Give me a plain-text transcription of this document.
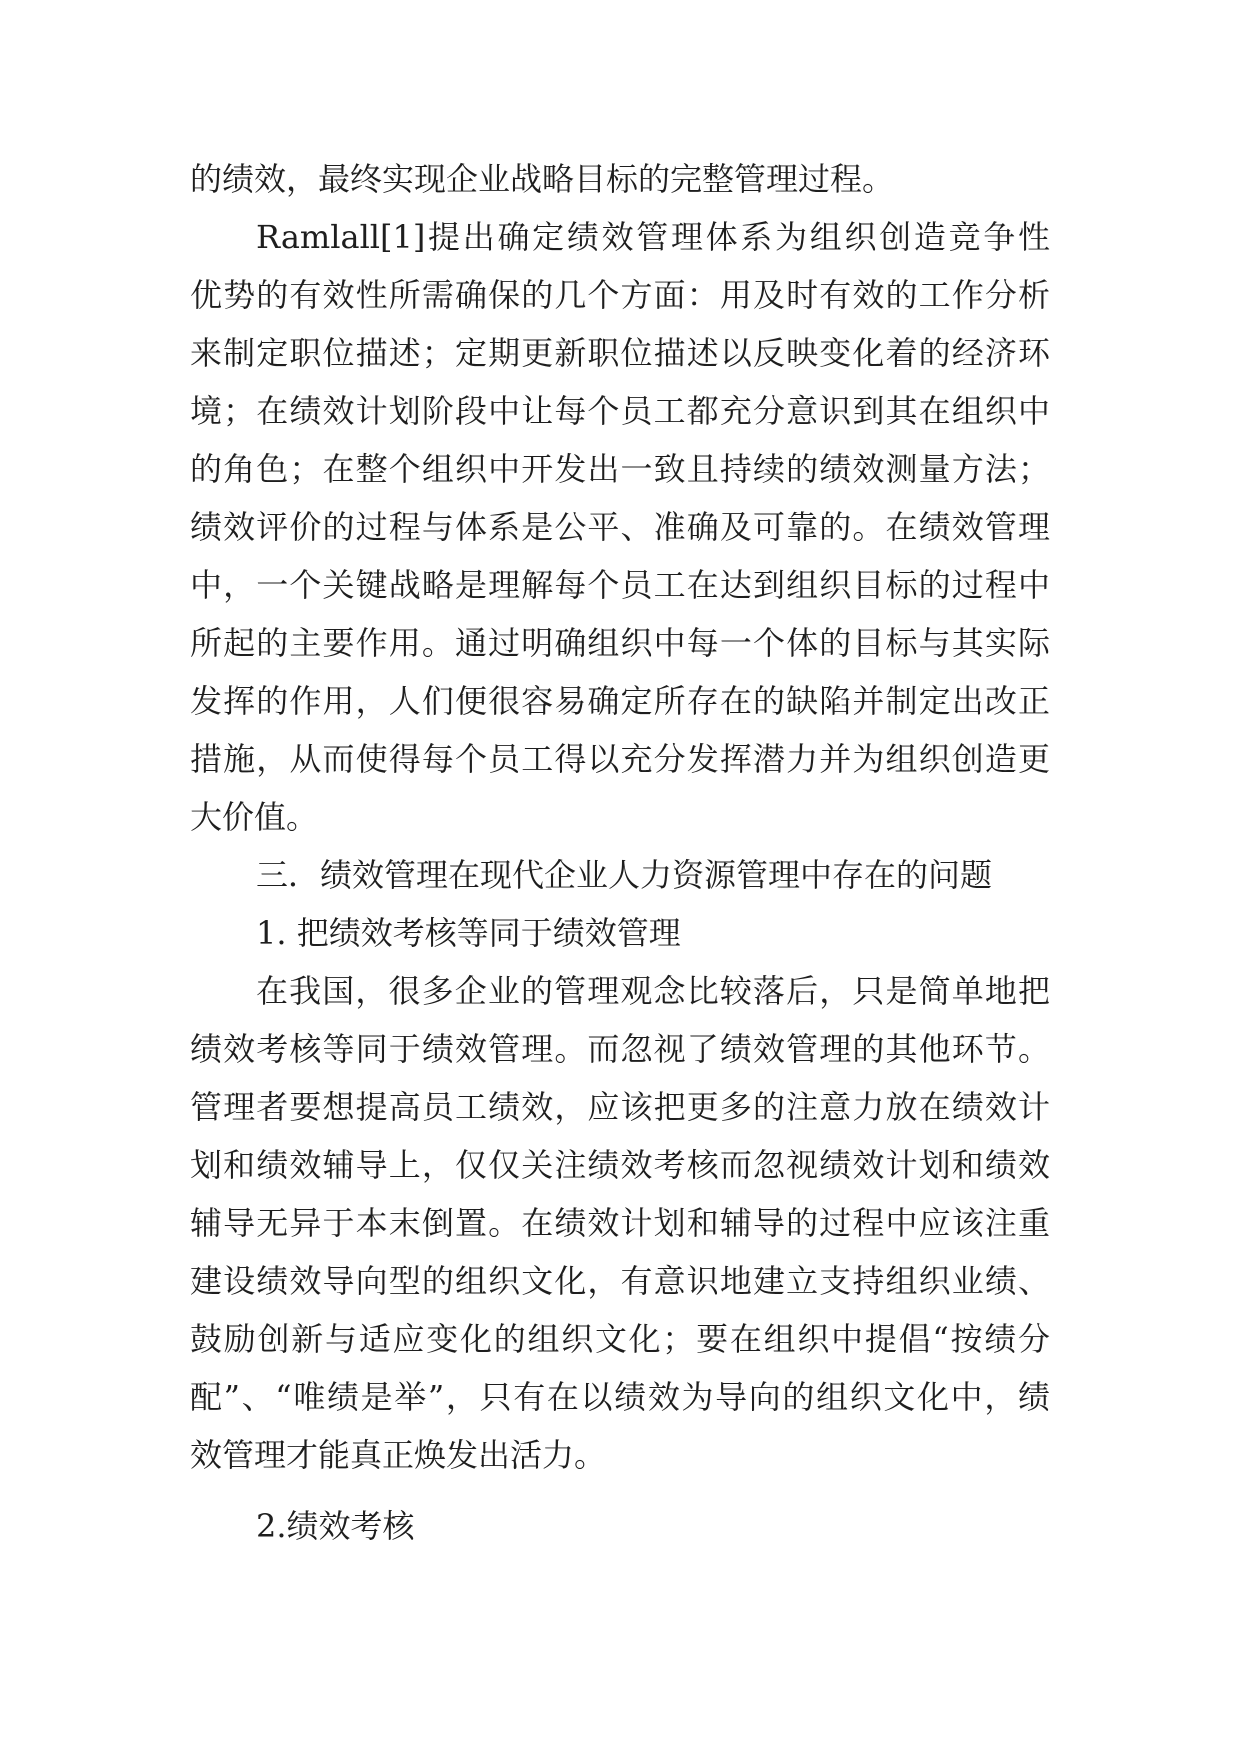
的绩效，最终实现企业战略目标的完整管理过程。
Ramlall[1]提出确定绩效管理体系为组织创造竞争性
优势的有效性所需确保的几个方面：用及时有效的工作分析
来制定职位描述；定期更新职位描述以反映变化着的经济环
境；在绩效计划阶段中让每个员工都充分意识到其在组织中
的角色；在整个组织中开发出一致且持续的绩效测量方法；
绩效评价的过程与体系是公平、准确及可靠的。在绩效管理
中，一个关键战略是理解每个员工在达到组织目标的过程中
所起的主要作用。通过明确组织中每一个体的目标与其实际
发挥的作用，人们便很容易确定所存在的缺陷并制定出改正
措施，从而使得每个员工得以充分发挥潜力并为组织创造更
大价值。
三．绩效管理在现代企业人力资源管理中存在的问题
1. 把绩效考核等同于绩效管理
在我国，很多企业的管理观念比较落后，只是简单地把
绩效考核等同于绩效管理。而忽视了绩效管理的其他环节。
管理者要想提高员工绩效，应该把更多的注意力放在绩效计
划和绩效辅导上，仅仅关注绩效考核而忽视绩效计划和绩效
辅导无异于本末倒置。在绩效计划和辅导的过程中应该注重
建设绩效导向型的组织文化，有意识地建立支持组织业绩、
鼓励创新与适应变化的组织文化；要在组织中提倡“按绩分
配”、“唯绩是举”，只有在以绩效为导向的组织文化中，绩
效管理才能真正焕发出活力。
2.绩效考核
